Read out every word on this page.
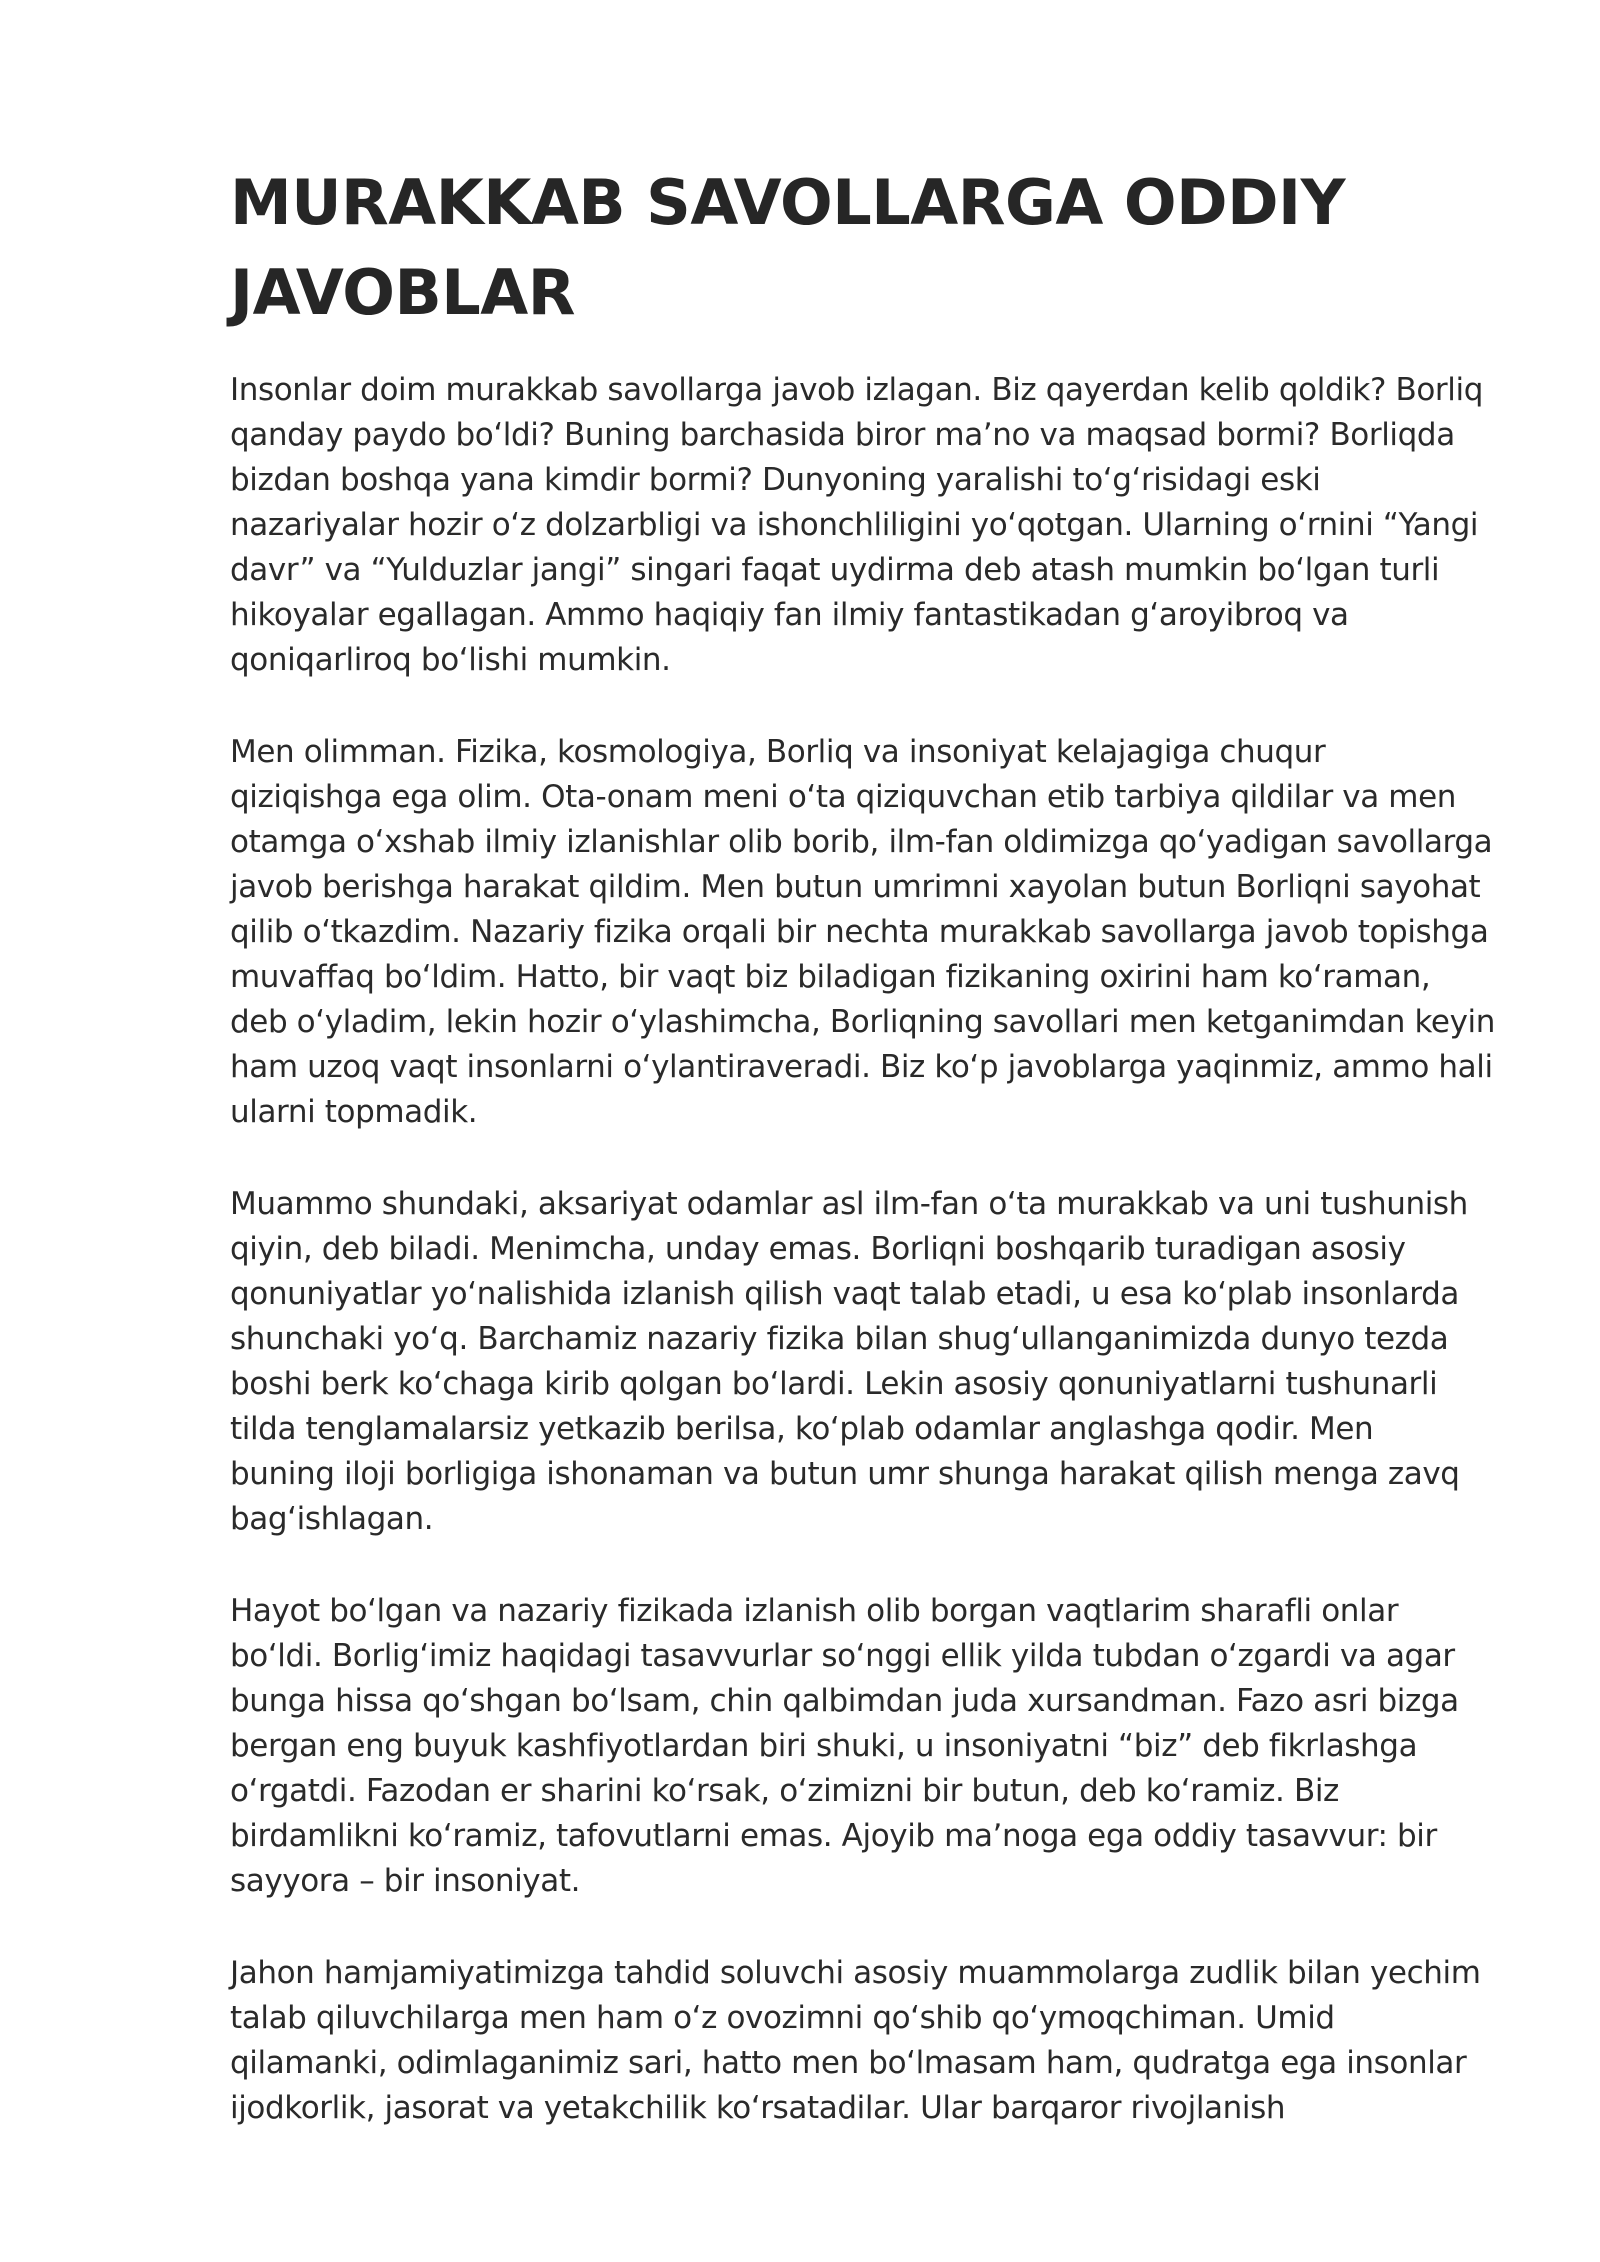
MURAKKAB SAVOLLARGA ODDIY JAVOBLAR

Insonlar doim murakkab savollarga javob izlagan. Biz qayerdan kelib qoldik? Borliq
qanday paydo bo‘ldi? Buning barchasida biror ma’no va maqsad bormi? Borliqda
bizdan boshqa yana kimdir bormi? Dunyoning yaralishi to‘g‘risidagi eski
nazariyalar hozir o‘z dolzarbligi va ishonchliligini yo‘qotgan. Ularning o‘rnini “Yangi
davr” va “Yulduzlar jangi” singari faqat uydirma deb atash mumkin bo‘lgan turli
hikoyalar egallagan. Ammo haqiqiy fan ilmiy fantastikadan g‘aroyibroq va
qoniqarliroq bo‘lishi mumkin.

Men olimman. Fizika, kosmologiya, Borliq va insoniyat kelajagiga chuqur
qiziqishga ega olim. Ota-onam meni o‘ta qiziquvchan etib tarbiya qildilar va men
otamga o‘xshab ilmiy izlanishlar olib borib, ilm-fan oldimizga qo‘yadigan savollarga
javob berishga harakat qildim. Men butun umrimni xayolan butun Borliqni sayohat
qilib o‘tkazdim. Nazariy fizika orqali bir nechta murakkab savollarga javob topishga
muvaffaq bo‘ldim. Hatto, bir vaqt biz biladigan fizikaning oxirini ham ko‘raman,
deb o‘yladim, lekin hozir o‘ylashimcha, Borliqning savollari men ketganimdan keyin
ham uzoq vaqt insonlarni o‘ylantiraveradi. Biz ko‘p javoblarga yaqinmiz, ammo hali
ularni topmadik.

Muammo shundaki, aksariyat odamlar asl ilm-fan o‘ta murakkab va uni tushunish
qiyin, deb biladi. Menimcha, unday emas. Borliqni boshqarib turadigan asosiy
qonuniyatlar yo‘nalishida izlanish qilish vaqt talab etadi, u esa ko‘plab insonlarda
shunchaki yo‘q. Barchamiz nazariy fizika bilan shug‘ullanganimizda dunyo tezda
boshi berk ko‘chaga kirib qolgan bo‘lardi. Lekin asosiy qonuniyatlarni tushunarli
tilda tenglamalarsiz yetkazib berilsa, ko‘plab odamlar anglashga qodir. Men
buning iloji borligiga ishonaman va butun umr shunga harakat qilish menga zavq
bag‘ishlagan.

Hayot bo‘lgan va nazariy fizikada izlanish olib borgan vaqtlarim sharafli onlar
bo‘ldi. Borlig‘imiz haqidagi tasavvurlar so‘nggi ellik yilda tubdan o‘zgardi va agar
bunga hissa qo‘shgan bo‘lsam, chin qalbimdan juda xursandman. Fazo asri bizga
bergan eng buyuk kashfiyotlardan biri shuki, u insoniyatni “biz” deb fikrlashga
o‘rgatdi. Fazodan er sharini ko‘rsak, o‘zimizni bir butun, deb ko‘ramiz. Biz
birdamlikni ko‘ramiz, tafovutlarni emas. Ajoyib ma’noga ega oddiy tasavvur: bir
sayyora – bir insoniyat.

Jahon hamjamiyatimizga tahdid soluvchi asosiy muammolarga zudlik bilan yechim
talab qiluvchilarga men ham o‘z ovozimni qo‘shib qo‘ymoqchiman. Umid
qilamanki, odimlaganimiz sari, hatto men bo‘lmasam ham, qudratga ega insonlar
ijodkorlik, jasorat va yetakchilik ko‘rsatadilar. Ular barqaror rivojlanish
